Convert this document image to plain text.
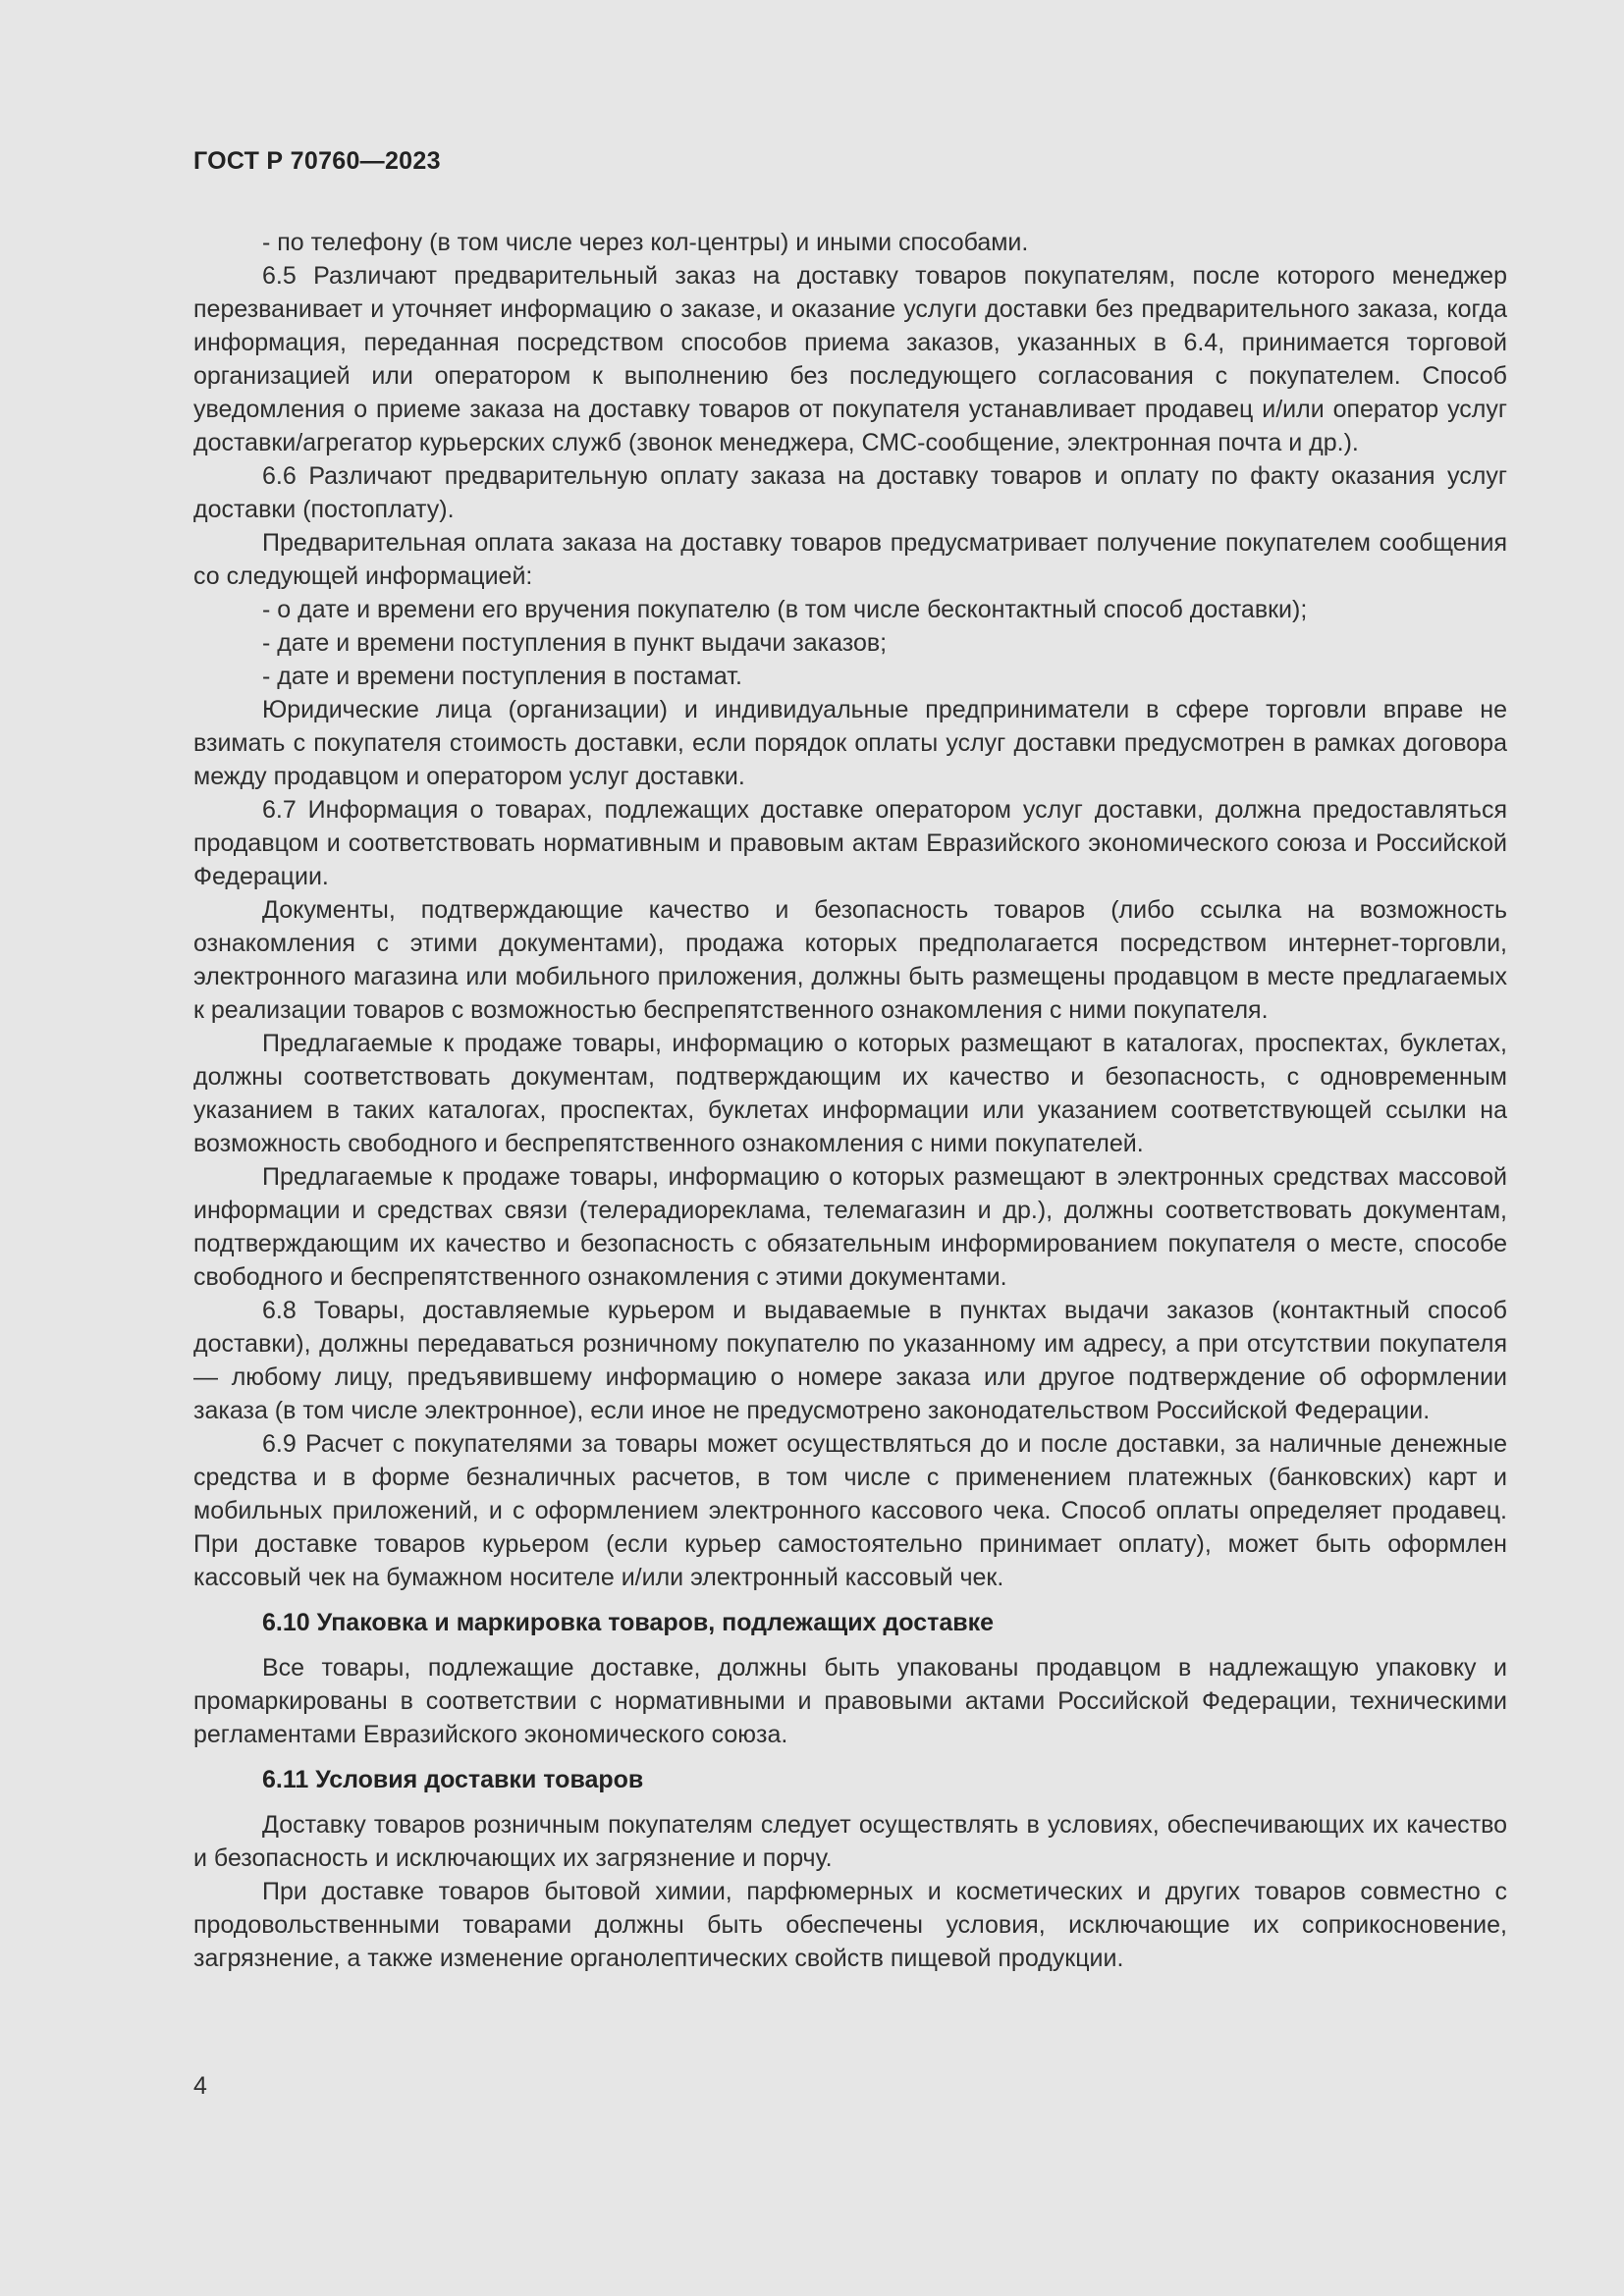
ГОСТ Р 70760—2023

- по телефону (в том числе через кол-центры) и иными способами.

6.5 Различают предварительный заказ на доставку товаров покупателям, после которого менеджер перезванивает и уточняет информацию о заказе, и оказание услуги доставки без предварительного заказа, когда информация, переданная посредством способов приема заказов, указанных в 6.4, принимается торговой организацией или оператором к выполнению без последующего согласования с покупателем. Способ уведомления о приеме заказа на доставку товаров от покупателя устанавливает продавец и/или оператор услуг доставки/агрегатор курьерских служб (звонок менеджера, СМС-сообщение, электронная почта и др.).

6.6 Различают предварительную оплату заказа на доставку товаров и оплату по факту оказания услуг доставки (постоплату).

Предварительная оплата заказа на доставку товаров предусматривает получение покупателем сообщения со следующей информацией:

- о дате и времени его вручения покупателю (в том числе бесконтактный способ доставки);

- дате и времени поступления в пункт выдачи заказов;

- дате и времени поступления в постамат.

Юридические лица (организации) и индивидуальные предприниматели в сфере торговли вправе не взимать с покупателя стоимость доставки, если порядок оплаты услуг доставки предусмотрен в рамках договора между продавцом и оператором услуг доставки.

6.7 Информация о товарах, подлежащих доставке оператором услуг доставки, должна предоставляться продавцом и соответствовать нормативным и правовым актам Евразийского экономического союза и Российской Федерации.

Документы, подтверждающие качество и безопасность товаров (либо ссылка на возможность ознакомления с этими документами), продажа которых предполагается посредством интернет-торговли, электронного магазина или мобильного приложения, должны быть размещены продавцом в месте предлагаемых к реализации товаров с возможностью беспрепятственного ознакомления с ними покупателя.

Предлагаемые к продаже товары, информацию о которых размещают в каталогах, проспектах, буклетах, должны соответствовать документам, подтверждающим их качество и безопасность, с одновременным указанием в таких каталогах, проспектах, буклетах информации или указанием соответствующей ссылки на возможность свободного и беспрепятственного ознакомления с ними покупателей.

Предлагаемые к продаже товары, информацию о которых размещают в электронных средствах массовой информации и средствах связи (телерадиореклама, телемагазин и др.), должны соответствовать документам, подтверждающим их качество и безопасность с обязательным информированием покупателя о месте, способе свободного и беспрепятственного ознакомления с этими документами.

6.8 Товары, доставляемые курьером и выдаваемые в пунктах выдачи заказов (контактный способ доставки), должны передаваться розничному покупателю по указанному им адресу, а при отсутствии покупателя — любому лицу, предъявившему информацию о номере заказа или другое подтверждение об оформлении заказа (в том числе электронное), если иное не предусмотрено законодательством Российской Федерации.

6.9 Расчет с покупателями за товары может осуществляться до и после доставки, за наличные денежные средства и в форме безналичных расчетов, в том числе с применением платежных (банковских) карт и мобильных приложений, и с оформлением электронного кассового чека. Способ оплаты определяет продавец. При доставке товаров курьером (если курьер самостоятельно принимает оплату), может быть оформлен кассовый чек на бумажном носителе и/или электронный кассовый чек.

6.10 Упаковка и маркировка товаров, подлежащих доставке

Все товары, подлежащие доставке, должны быть упакованы продавцом в надлежащую упаковку и промаркированы в соответствии с нормативными и правовыми актами Российской Федерации, техническими регламентами Евразийского экономического союза.

6.11 Условия доставки товаров

Доставку товаров розничным покупателям следует осуществлять в условиях, обеспечивающих их качество и безопасность и исключающих их загрязнение и порчу.

При доставке товаров бытовой химии, парфюмерных и косметических и других товаров совместно с продовольственными товарами должны быть обеспечены условия, исключающие их соприкосновение, загрязнение, а также изменение органолептических свойств пищевой продукции.

4
